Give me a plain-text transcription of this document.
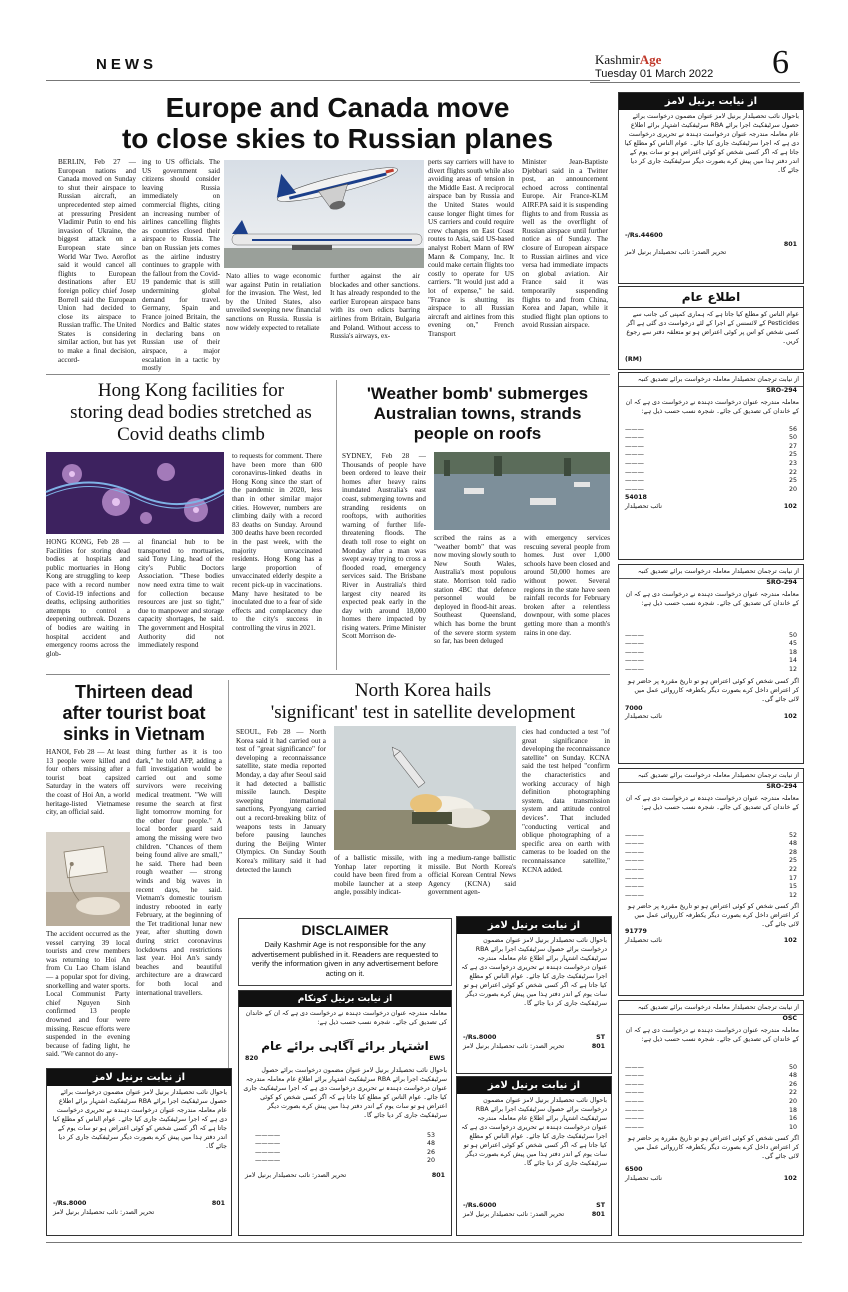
NEWS	KashmirAge
Tuesday 01 March 2022 6
Europe and Canada move
to close skies to Russian planes
BERLIN, Feb 27 — European nations and Canada moved on Sunday to shut their airspace to Russian aircraft, an unprecedented step aimed at pressuring President Vladimir Putin to end his invasion of Ukraine, the biggest attack on a European state since World War Two. Aeroflot said it would cancel all flights to European destinations after EU foreign policy chief Josep Borrell said the European Union had decided to close its airspace to Russian traffic. The United States is considering similar action, but has yet to make a final decision, accord-
ing to US officials. The US government said citizens should consider leaving Russia immediately on commercial flights, citing an increasing number of airlines cancelling flights as countries closed their airspace to Russia. The ban on Russian jets comes as the airline industry continues to grapple with the fallout from the Covid-19 pandemic that is still undermining global demand for travel. Germany, Spain and France joined Britain, the Nordics and Baltic states in declaring bans on Russian use of their airspace, a major escalation in a tactic by mostly
Nato allies to wage economic war against Putin in retaliation for the invasion. The West, led by the United States, also unveiled sweeping new financial sanctions on Russia. Russia is now widely expected to retaliate
further against the air blockades and other sanctions. It has already responded to the earlier European airspace bans with its own edicts barring airlines from Britain, Bulgaria and Poland. Without access to Russia's airways, ex-
perts say carriers will have to divert flights south while also avoiding areas of tension in the Middle East. A reciprocal airspace ban by Russia and the United States would cause longer flight times for US carriers and could require crew changes on East Coast routes to Asia, said US-based analyst Robert Mann of RW Mann & Company, Inc. It could make certain flights too costly to operate for US carriers. "It would just add a lot of expense," he said. "France is shutting its airspace to all Russian aircraft and airlines from this evening on," French Transport
Minister Jean-Baptiste Djebbari said in a Twitter post, an announcement echoed across continental Europe. Air France-KLM AIRF.PA said it is suspending flights to and from Russia as well as the overflight of Russian airspace until further notice as of Sunday. The closure of European airspace to Russian airlines and vice versa had immediate impacts on global aviation. Air France said it was temporarily suspending flights to and from China, Korea and Japan, while it studied flight plan options to avoid Russian airspace.
Hong Kong facilities for
storing dead bodies stretched as
Covid deaths climb
HONG KONG, Feb 28 — Facilities for storing dead bodies at hospitals and public mortuaries in Hong Kong are struggling to keep pace with a record number of Covid-19 infections and deaths, eclipsing authorities attempts to control a deepening outbreak. Dozens of bodies are waiting in hospital accident and emergency rooms across the glob-
al financial hub to be transported to mortuaries, said Tony Ling, head of the city's Public Doctors Association. "These bodies now need extra time to wait for collection because resources are just so tight," due to manpower and storage capacity shortages, he said. The government and Hospital Authority did not immediately respond
to requests for comment. There have been more than 600 coronavirus-linked deaths in Hong Kong since the start of the pandemic in 2020, less than in other similar major cities. However, numbers are climbing daily with a record 83 deaths on Sunday. Around 300 deaths have been recorded in the past week, with the majority unvaccinated residents. Hong Kong has a large proportion of unvaccinated elderly despite a recent pick-up in vaccinations. Many have hesitated to be inoculated due to a fear of side effects and complacency due to the city's success in controlling the virus in 2021.
'Weather bomb' submerges
Australian towns, strands
people on roofs
SYDNEY, Feb 28 — Thousands of people have been ordered to leave their homes after heavy rains inundated Australia's east coast, submerging towns and stranding residents on rooftops, with authorities warning of further life-threatening floods. The death toll rose to eight on Monday after a man was swept away trying to cross a flooded road, emergency services said. The Brisbane River in Australia's third largest city neared its expected peak early in the day with around 18,000 homes there impacted by rising waters. Prime Minister Scott Morrison de-
scribed the rains as a "weather bomb" that was now moving slowly south to New South Wales, Australia's most populous state. Morrison told radio station 4BC that defence personnel would be deployed in flood-hit areas. Southeast Queensland, which has borne the brunt of the severe storm system so far, has been deluged
with emergency services rescuing several people from homes. Just over 1,000 schools have been closed and around 50,000 homes are without power. Several regions in the state have seen rainfall records for February broken after a relentless downpour, with some places getting more than a month's rains in one day.
Thirteen dead
after tourist boat
sinks in Vietnam
HANOI, Feb 28 — At least 13 people were killed and four others missing after a tourist boat capsized Saturday in the waters off the coast of Hoi An, a world heritage-listed Vietnamese city, an official said.
The accident occurred as the vessel carrying 39 local tourists and crew members was returning to Hoi An from Cu Lao Cham island — a popular spot for diving, snorkelling and water sports. Local Communist Party chief Nguyen Sinh confirmed 13 people drowned and four were missing. Rescue efforts were suspended in the evening because of fading light, he said. "We cannot do any-
thing further as it is too dark," he told AFP, adding a full investigation would be carried out and some survivors were receiving medical treatment. "We will resume the search at first light tomorrow morning for the other four people." A local border guard said among the missing were two children. "Chances of them being found alive are small," he said. There had been rough weather — strong winds and big waves in recent days, he said. Vietnam's domestic tourism industry rebooted in early February, at the beginning of the Tet traditional lunar new year, after shutting down during strict coronavirus lockdowns and restrictions last year. Hoi An's sandy beaches and beautiful architecture are a drawcard for both local and international travellers.
North Korea hails
'significant' test in satellite development
SEOUL, Feb 28 — North Korea said it had carried out a test of "great significance" for developing a reconnaissance satellite, state media reported Monday, a day after Seoul said it had detected a ballistic missile launch. Despite sweeping international sanctions, Pyongyang carried out a record-breaking blitz of weapons tests in January before pausing launches during the Beijing Winter Olympics. On Sunday South Korea's military said it had detected the launch
of a ballistic missile, with Yonhap later reporting it could have been fired from a mobile launcher at a steep angle, possibly indicat-
ing a medium-range ballistic missile. But North Korea's official Korean Central News Agency (KCNA) said government agen-
cies had conducted a test "of great significance in developing the reconnaissance satellite" on Sunday. KCNA said the test helped "confirm the characteristics and working accuracy of high definition photographing system, data transmission system and attitude control devices". That included "conducting vertical and oblique photographing of a specific area on earth with cameras to be loaded on the reconnaissance satellite," KCNA added.
DISCLAIMER
Daily Kashmir Age is not responsible for the any advertisement published in it. Readers are requested to verify the information given in any advertisement before acting on it.
از نیابت برنیل لامز
باحوال نائب تحصیلدار برنیل لامز عنوان مضمون درخواست برائے حصول سرٹیفکیٹ اجرا برائے RBA سرٹیفکیٹ اشتہار برائے اطلاع عام معاملہ مندرجہ عنوان درخواست دہندہ نے تحریری درخواست دی ہے کہ اجرا سرٹیفکیٹ جاری کیا جائے۔ عوام الناس کو مطلع کیا جاتا ہے کہ اگر کسی شخص کو کوئی اعتراض ہو تو سات یوم کے اندر دفتر ہذا میں پیش کرے بصورت دیگر سرٹیفکیٹ جاری کر دیا جائے گا۔
ST
Rs.8000/-
801
تحریر الصدر: نائب تحصیلدار برنیل لامز
از نیابت برنیل کونکام
معاملہ مندرجہ عنوان درخواست دہندہ نے درخواست دی ہے کہ ان کے خاندان کی تصدیق کی جائے۔ شجرہ نسب حسب ذیل ہے:
اشتہار برائے آگاہی برائے عام
EWS
820
باحوال نائب تحصیلدار برنیل لامز عنوان مضمون درخواست برائے حصول سرٹیفکیٹ اجرا برائے RBA سرٹیفکیٹ اشتہار برائے اطلاع عام معاملہ مندرجہ عنوان درخواست دہندہ نے تحریری درخواست دی ہے کہ اجرا سرٹیفکیٹ جاری کیا جائے۔ عوام الناس کو مطلع کیا جاتا ہے کہ اگر کسی شخص کو کوئی اعتراض ہو تو سات یوم کے اندر دفتر ہذا میں پیش کرے بصورت دیگر سرٹیفکیٹ جاری کر دیا جائے گا۔
53
————
48
————
26
————
20
————
801
تحریر الصدر: نائب تحصیلدار برنیل لامز
از نیابت برنیل لامز
باحوال نائب تحصیلدار برنیل لامز عنوان مضمون درخواست برائے حصول سرٹیفکیٹ اجرا برائے RBA سرٹیفکیٹ اشتہار برائے اطلاع عام معاملہ مندرجہ عنوان درخواست دہندہ نے تحریری درخواست دی ہے کہ اجرا سرٹیفکیٹ جاری کیا جائے۔ عوام الناس کو مطلع کیا جاتا ہے کہ اگر کسی شخص کو کوئی اعتراض ہو تو سات یوم کے اندر دفتر ہذا میں پیش کرے بصورت دیگر سرٹیفکیٹ جاری کر دیا جائے گا۔
801
Rs.8000/-
تحریر الصدر: نائب تحصیلدار برنیل لامز
از نیابت برنیل لامز
باحوال نائب تحصیلدار برنیل لامز عنوان مضمون درخواست برائے حصول سرٹیفکیٹ اجرا برائے RBA سرٹیفکیٹ اشتہار برائے اطلاع عام معاملہ مندرجہ عنوان درخواست دہندہ نے تحریری درخواست دی ہے کہ اجرا سرٹیفکیٹ جاری کیا جائے۔ عوام الناس کو مطلع کیا جاتا ہے کہ اگر کسی شخص کو کوئی اعتراض ہو تو سات یوم کے اندر دفتر ہذا میں پیش کرے بصورت دیگر سرٹیفکیٹ جاری کر دیا جائے گا۔
ST
Rs.6000/-
801
تحریر الصدر: نائب تحصیلدار برنیل لامز
از نیابت برنیل لامز
باحوال نائب تحصیلدار برنیل لامز عنوان مضمون درخواست برائے حصول سرٹیفکیٹ اجرا برائے RBA سرٹیفکیٹ اشتہار برائے اطلاع عام معاملہ مندرجہ عنوان درخواست دہندہ نے تحریری درخواست دی ہے کہ اجرا سرٹیفکیٹ جاری کیا جائے۔ عوام الناس کو مطلع کیا جاتا ہے کہ اگر کسی شخص کو کوئی اعتراض ہو تو سات یوم کے اندر دفتر ہذا میں پیش کرے بصورت دیگر سرٹیفکیٹ جاری کر دیا جائے گا۔
Rs.44600/-
801
تحریر الصدر: نائب تحصیلدار برنیل لامز
اطلاع عام
عوام الناس کو مطلع کیا جاتا ہے کہ ہماری کمپنی کی جانب سے Pesticides کے لائسنس کے اجرا کے لئے درخواست دی گئی ہے اگر کسی شخص کو اس پر کوئی اعتراض ہو تو متعلقہ دفتر سے رجوع کریں۔
(RM)
از نیابت ترجمان تحصیلدار معاملہ درخواست برائے تصدیق کنبہ
SRO-294
معاملہ مندرجہ عنوان درخواست دہندہ نے درخواست دی ہے کہ ان کے خاندان کی تصدیق کی جائے۔ شجرہ نسب حسب ذیل ہے:
56
———
50
———
27
———
25
———
23
———
22
———
25
———
20
———
54018
102
نائب تحصیلدار
از نیابت ترجمان تحصیلدار معاملہ درخواست برائے تصدیق کنبہ
SRO-294
معاملہ مندرجہ عنوان درخواست دہندہ نے درخواست دی ہے کہ ان کے خاندان کی تصدیق کی جائے۔ شجرہ نسب حسب ذیل ہے:
50
———
45
———
18
———
14
———
12
———
اگر کسی شخص کو کوئی اعتراض ہو تو تاریخ مقررہ پر حاضر ہو کر اعتراض داخل کرے بصورت دیگر یکطرفہ کارروائی عمل میں لائی جائے گی۔
7000
102
نائب تحصیلدار
از نیابت ترجمان تحصیلدار معاملہ درخواست برائے تصدیق کنبہ
SRO-294
معاملہ مندرجہ عنوان درخواست دہندہ نے درخواست دی ہے کہ ان کے خاندان کی تصدیق کی جائے۔ شجرہ نسب حسب ذیل ہے:
52
———
48
———
28
———
25
———
22
———
17
———
15
———
12
———
اگر کسی شخص کو کوئی اعتراض ہو تو تاریخ مقررہ پر حاضر ہو کر اعتراض داخل کرے بصورت دیگر یکطرفہ کارروائی عمل میں لائی جائے گی۔
91779
102
نائب تحصیلدار
از نیابت ترجمان تحصیلدار معاملہ درخواست برائے تصدیق کنبہ
OSC
معاملہ مندرجہ عنوان درخواست دہندہ نے درخواست دی ہے کہ ان کے خاندان کی تصدیق کی جائے۔ شجرہ نسب حسب ذیل ہے:
50
———
48
———
26
———
22
———
20
———
18
———
16
———
10
———
اگر کسی شخص کو کوئی اعتراض ہو تو تاریخ مقررہ پر حاضر ہو کر اعتراض داخل کرے بصورت دیگر یکطرفہ کارروائی عمل میں لائی جائے گی۔
6500
102
نائب تحصیلدار
